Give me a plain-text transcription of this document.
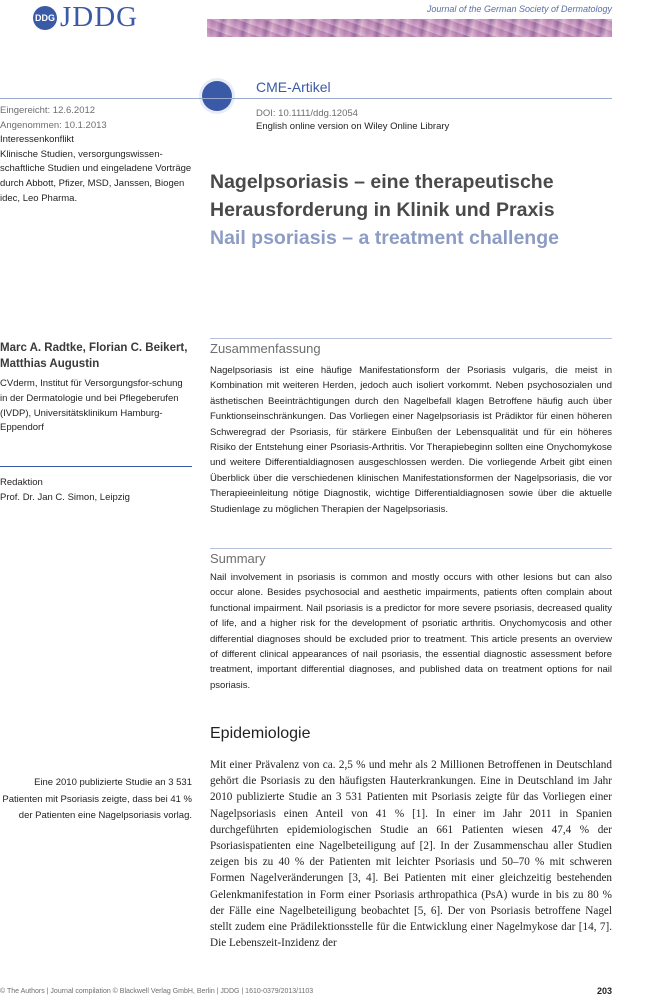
DDG JDDG	Journal of the German Society of Dermatology
CME-Artikel
Eingereicht: 12.6.2012
Angenommen: 10.1.2013
Interessenkonflikt
Klinische Studien, versorgungswissen-schaftliche Studien und eingeladene Vorträge durch Abbott, Pfizer, MSD, Janssen, Biogen idec, Leo Pharma.
DOI: 10.1111/ddg.12054
English online version on Wiley Online Library
Nagelpsoriasis – eine therapeutische
Herausforderung in Klinik und Praxis
Nail psoriasis – a treatment challenge
Marc A. Radtke, Florian C. Beikert, Matthias Augustin
CVderm, Institut für Versorgungsfor-schung in der Dermatologie und bei Pflegeberufen (IVDP), Universitätsklinikum Hamburg-Eppendorf
Redaktion
Prof. Dr. Jan C. Simon, Leipzig
Zusammenfassung
Nagelpsoriasis ist eine häufige Manifestationsform der Psoriasis vulgaris, die meist in Kombination mit weiteren Herden, jedoch auch isoliert vorkommt. Neben psychosozialen und ästhetischen Beeinträchtigungen durch den Nagelbefall klagen Betroffene häufig auch über Funktionseinschränkungen. Das Vorliegen einer Nagelpsoriasis ist Prädiktor für einen höheren Schweregrad der Psoriasis, für stärkere Einbußen der Lebensqualität und für ein höheres Risiko der Entstehung einer Psoriasis-Arthritis. Vor Therapiebeginn sollten eine Onychomykose und weitere Differentialdiagnosen ausgeschlossen werden. Die vorliegende Arbeit gibt einen Überblick über die verschiedenen klinischen Manifestationsformen der Nagelpsoriasis, die vor Therapieeinleitung nötige Diagnostik, wichtige Differentialdiagnosen sowie über die aktuelle Studienlage zu möglichen Therapien der Nagelpsoriasis.
Summary
Nail involvement in psoriasis is common and mostly occurs with other lesions but can also occur alone. Besides psychosocial and aesthetic impairments, patients often complain about functional impairment. Nail psoriasis is a predictor for more severe psoriasis, decreased quality of life, and a higher risk for the development of psoriatic arthritis. Onychomycosis and other differential diagnoses should be excluded prior to treatment. This article presents an overview of different clinical appearances of nail psoriasis, the essential diagnostic assessment before treatment, important differential diagnoses, and published data on treatment options for nail psoriasis.
Epidemiologie
Mit einer Prävalenz von ca. 2,5 % und mehr als 2 Millionen Betroffenen in Deutschland gehört die Psoriasis zu den häufigsten Hauterkrankungen. Eine in Deutschland im Jahr 2010 publizierte Studie an 3 531 Patienten mit Psoriasis zeigte für das Vorliegen einer Nagelpsoriasis einen Anteil von 41 % [1]. In einer im Jahr 2011 in Spanien durchgeführten epidemiologischen Studie an 661 Patienten wiesen 47,4 % der Psoriasispatienten eine Nagelbeteiligung auf [2]. In der Zusammenschau aller Studien zeigen bis zu 40 % der Patienten mit leichter Psoriasis und 50–70 % mit schweren Formen Nagelveränderungen [3, 4]. Bei Patienten mit einer gleichzeitig bestehenden Gelenkmanifestation in Form einer Psoriasis arthropathica (PsA) wurde in bis zu 80 % der Fälle eine Nagelbeteiligung beobachtet [5, 6]. Der von Psoriasis betroffene Nagel stellt zudem eine Prädilektionsstelle für die Entwicklung einer Nagelmykose dar [14, 7]. Die Lebenszeit-Inzidenz der
Eine 2010 publizierte Studie an 3 531 Patienten mit Psoriasis zeigte, dass bei 41 % der Patienten eine Nagelpsoriasis vorlag.
© The Authors | Journal compilation © Blackwell Verlag GmbH, Berlin | JDDG | 1610-0379/2013/1103	203
